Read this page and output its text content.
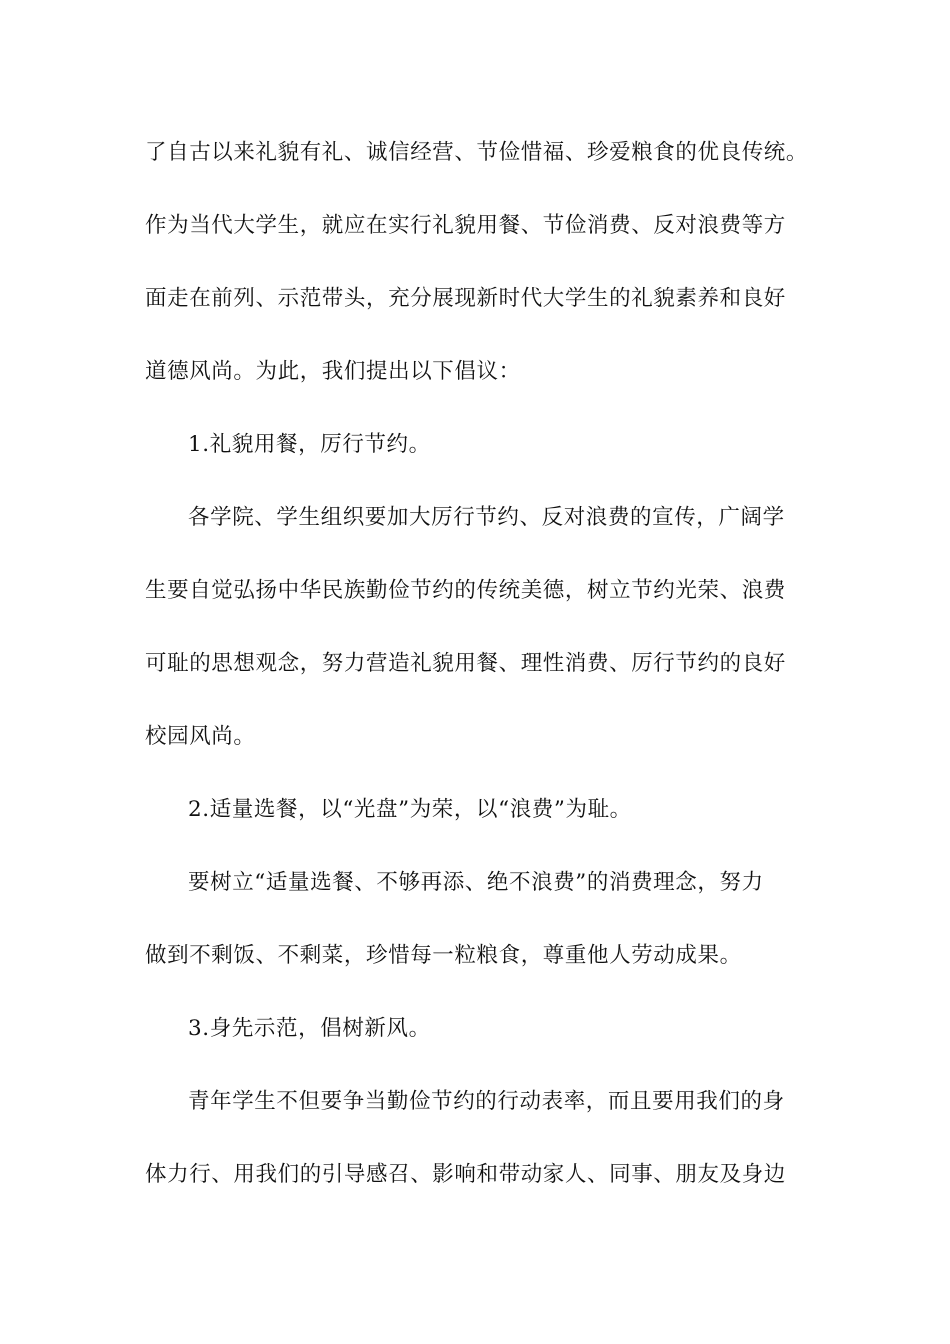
了自古以来礼貌有礼、诚信经营、节俭惜福、珍爱粮食的优良传统。
作为当代大学生，就应在实行礼貌用餐、节俭消费、反对浪费等方
面走在前列、示范带头，充分展现新时代大学生的礼貌素养和良好
道德风尚。为此，我们提出以下倡议：
1.礼貌用餐，厉行节约。
各学院、学生组织要加大厉行节约、反对浪费的宣传，广阔学
生要自觉弘扬中华民族勤俭节约的传统美德，树立节约光荣、浪费
可耻的思想观念，努力营造礼貌用餐、理性消费、厉行节约的良好
校园风尚。
2.适量选餐，以“光盘”为荣，以“浪费”为耻。
要树立“适量选餐、不够再添、绝不浪费”的消费理念，努力
做到不剩饭、不剩菜，珍惜每一粒粮食，尊重他人劳动成果。
3.身先示范，倡树新风。
青年学生不但要争当勤俭节约的行动表率，而且要用我们的身
体力行、用我们的引导感召、影响和带动家人、同事、朋友及身边
